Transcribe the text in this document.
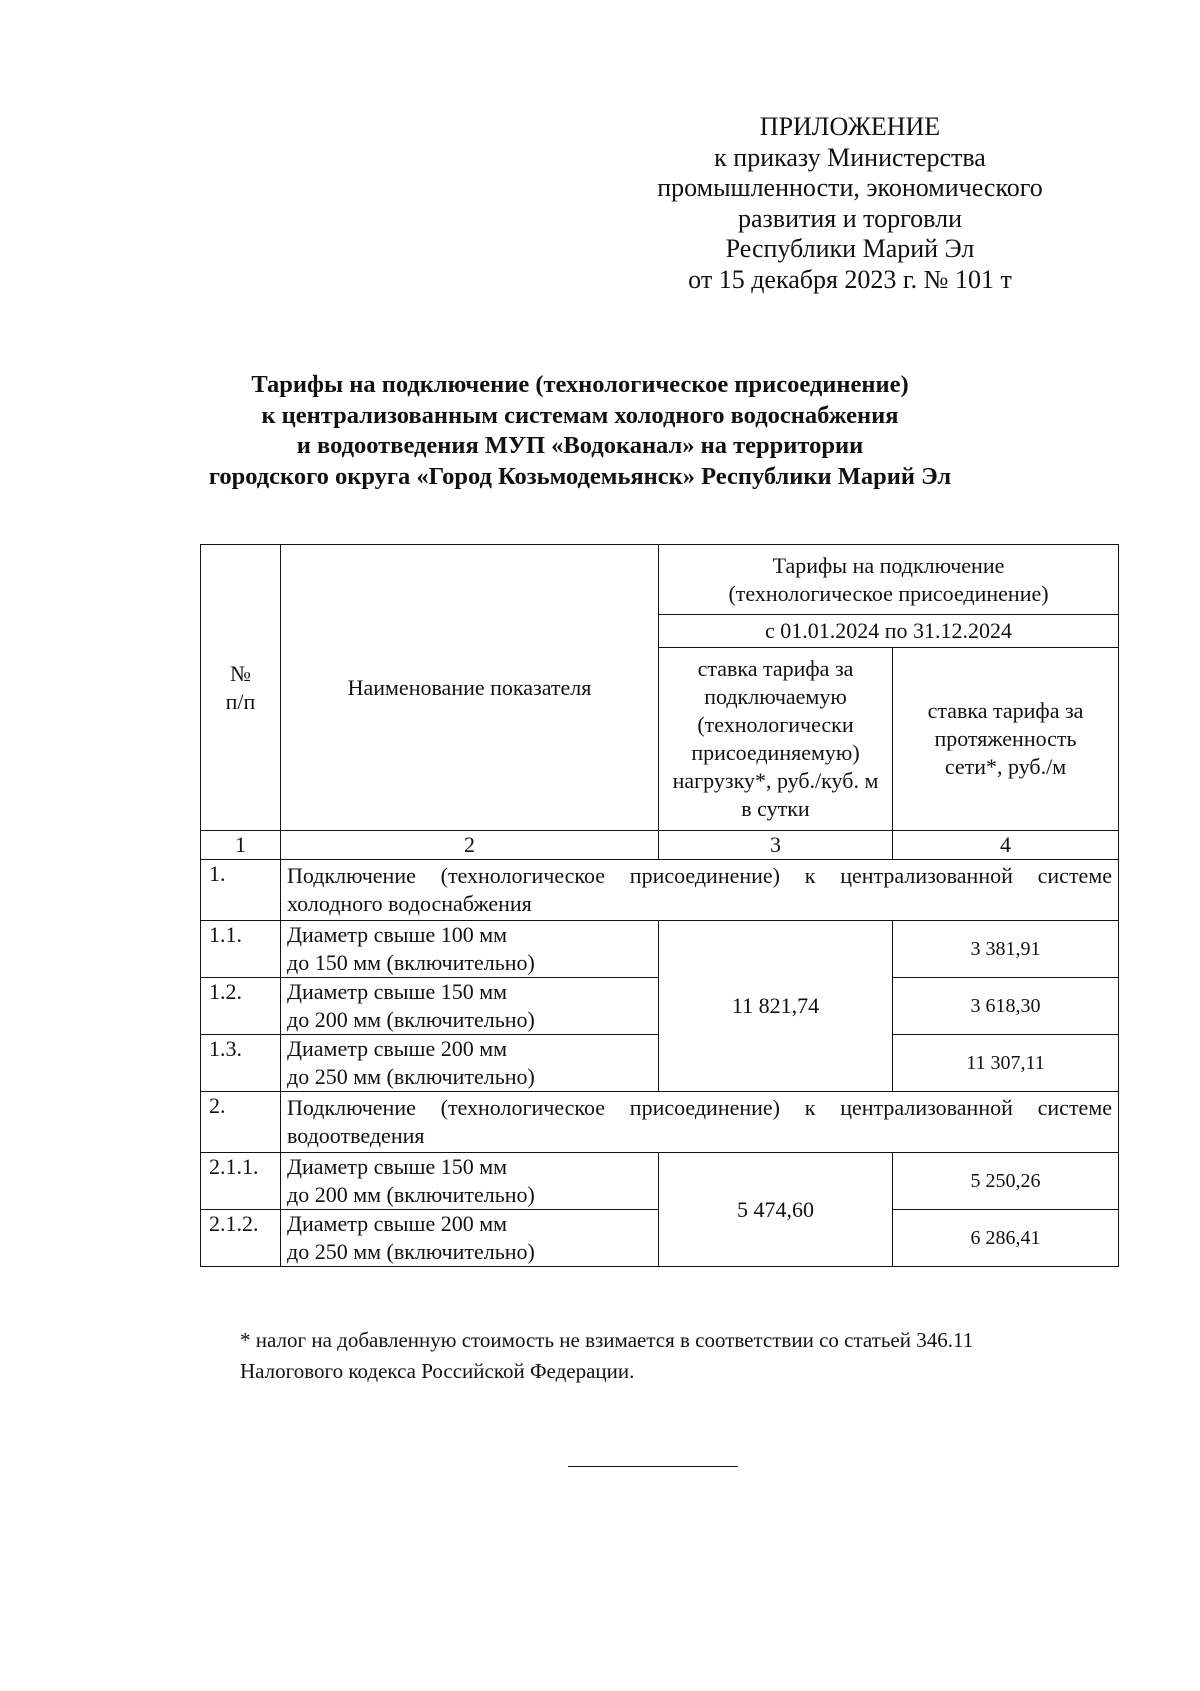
ПРИЛОЖЕНИЕ
к приказу Министерства
промышленности, экономического
развития и торговли
Республики Марий Эл
от 15 декабря 2023 г. № 101 т
Тарифы на подключение (технологическое присоединение)
к централизованным системам холодного водоснабжения
и водоотведения МУП «Водоканал» на территории
городского округа «Город Козьмодемьянск» Республики Марий Эл
№
п/п	Наименование показателя	Тарифы на подключение (технологическое присоединение)	
		с 01.01.2024 по 31.12.2024	
		ставка тарифа за подключаемую (технологически присоединяемую) нагрузку*, руб./куб. м в сутки	ставка тарифа за протяженность сети*, руб./м
1	2	3	4
1.	Подключение (технологическое присоединение) к централизованной системе холодного водоснабжения		
1.1.	Диаметр свыше 100 мм
до 150 мм (включительно)	11 821,74	3 381,91
1.2.	Диаметр свыше 150 мм
до 200 мм (включительно)		3 618,30
1.3.	Диаметр свыше 200 мм
до 250 мм (включительно)		11 307,11
2.	Подключение (технологическое присоединение) к централизованной системе водоотведения		
2.1.1.	Диаметр свыше 150 мм
до 200 мм (включительно)	5 474,60	5 250,26
2.1.2.	Диаметр свыше 200 мм
до 250 мм (включительно)		6 286,41
* налог на добавленную стоимость не взимается в соответствии со статьей 346.11
Налогового кодекса Российской Федерации.
